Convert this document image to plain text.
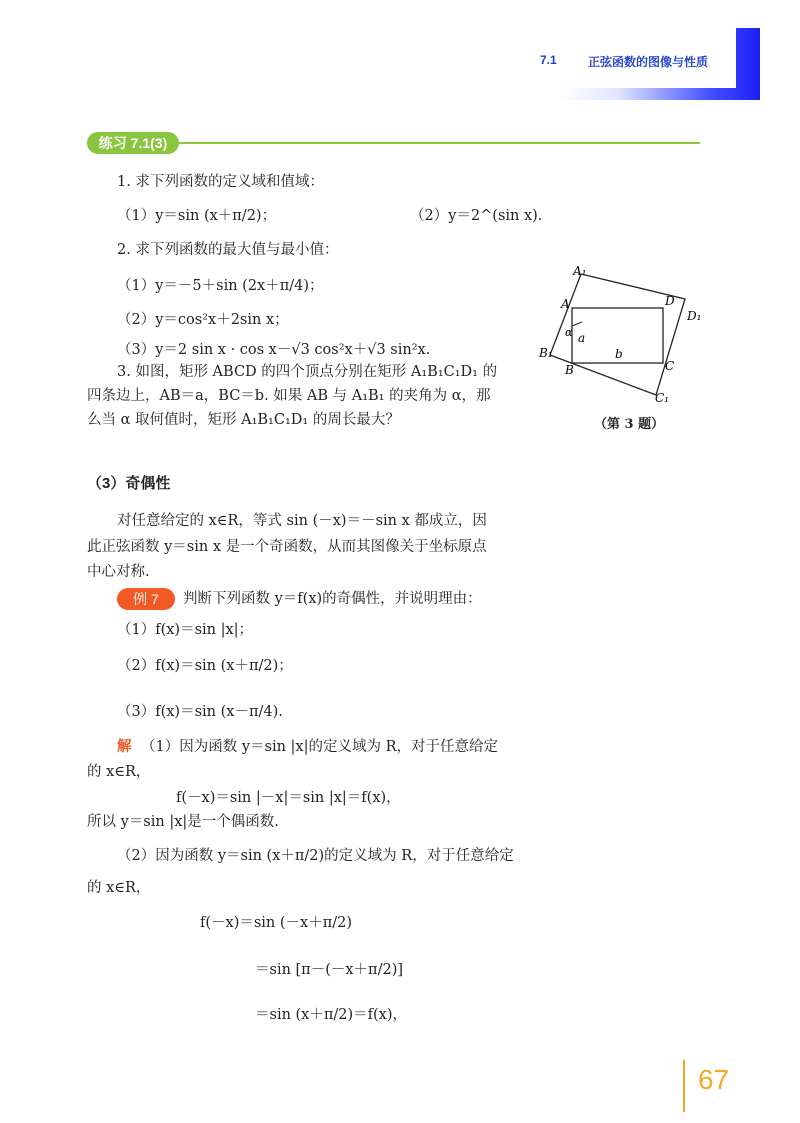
7.1	正弦函数的图像与性质
练习 7.1(3)
1. 求下列函数的定义域和值域：
（1）y＝sin (x＋π/2)；	（2）y＝2^(sin x).
2. 求下列函数的最大值与最小值：
（1）y＝－5＋sin (2x＋π/4)；
（2）y＝cos²x＋2sin x；
（3）y＝2 sin x · cos x－√3 cos²x＋√3 sin²x.
3. 如图，矩形 ABCD 的四个顶点分别在矩形 A₁B₁C₁D₁ 的
四条边上，AB＝a，BC＝b. 如果 AB 与 A₁B₁ 的夹角为 α，那
么当 α 取何值时，矩形 A₁B₁C₁D₁ 的周长最大？
A₁
A	D
D₁
B₁
B	C
C₁
α a
b
（第 3 题）
（3）奇偶性
对任意给定的 x∈R，等式 sin (－x)＝－sin x 都成立，因
此正弦函数 y＝sin x 是一个奇函数，从而其图像关于坐标原点
中心对称.
例 7	判断下列函数 y＝f(x)的奇偶性，并说明理由：
（1）f(x)＝sin |x|；
（2）f(x)＝sin (x＋π/2)；
（3）f(x)＝sin (x－π/4).
解 （1）因为函数 y＝sin |x|的定义域为 R，对于任意给定
的 x∈R，
f(－x)＝sin |－x|＝sin |x|＝f(x)，
所以 y＝sin |x|是一个偶函数.
（2）因为函数 y＝sin (x＋π/2)的定义域为 R，对于任意给定
的 x∈R，
f(－x)＝sin (－x＋π/2)
＝sin [π－(－x＋π/2)]
＝sin (x＋π/2)＝f(x)，
67
